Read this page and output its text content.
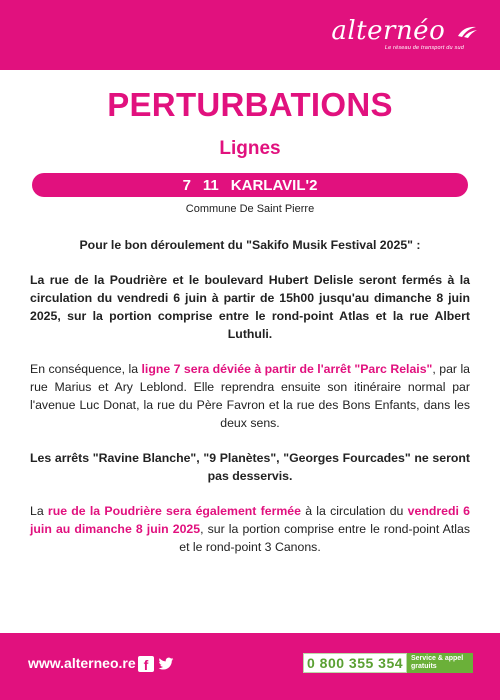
alternéo
Le réseau de transport du sud
PERTURBATIONS
Lignes
7 11 KARLAVIL'2
Commune De Saint Pierre

Pour le bon déroulement du "Sakifo Musik Festival 2025" :

La rue de la Poudrière et le boulevard Hubert Delisle seront fermés à la circulation du vendredi 6 juin à partir de 15h00 jusqu'au dimanche 8 juin 2025, sur la portion comprise entre le rond-point Atlas et la rue Albert Luthuli.

En conséquence, la ligne 7 sera déviée à partir de l'arrêt "Parc Relais", par la rue Marius et Ary Leblond. Elle reprendra ensuite son itinéraire normal par l'avenue Luc Donat, la rue du Père Favron et la rue des Bons Enfants, dans les deux sens.

Les arrêts "Ravine Blanche", "9 Planètes", "Georges Fourcades" ne seront pas desservis.

La rue de la Poudrière sera également fermée à la circulation du vendredi 6 juin au dimanche 8 juin 2025, sur la portion comprise entre le rond-point Atlas et le rond-point 3 Canons.

www.alterneo.re f	0 800 355 354	Service & appel
gratuits
